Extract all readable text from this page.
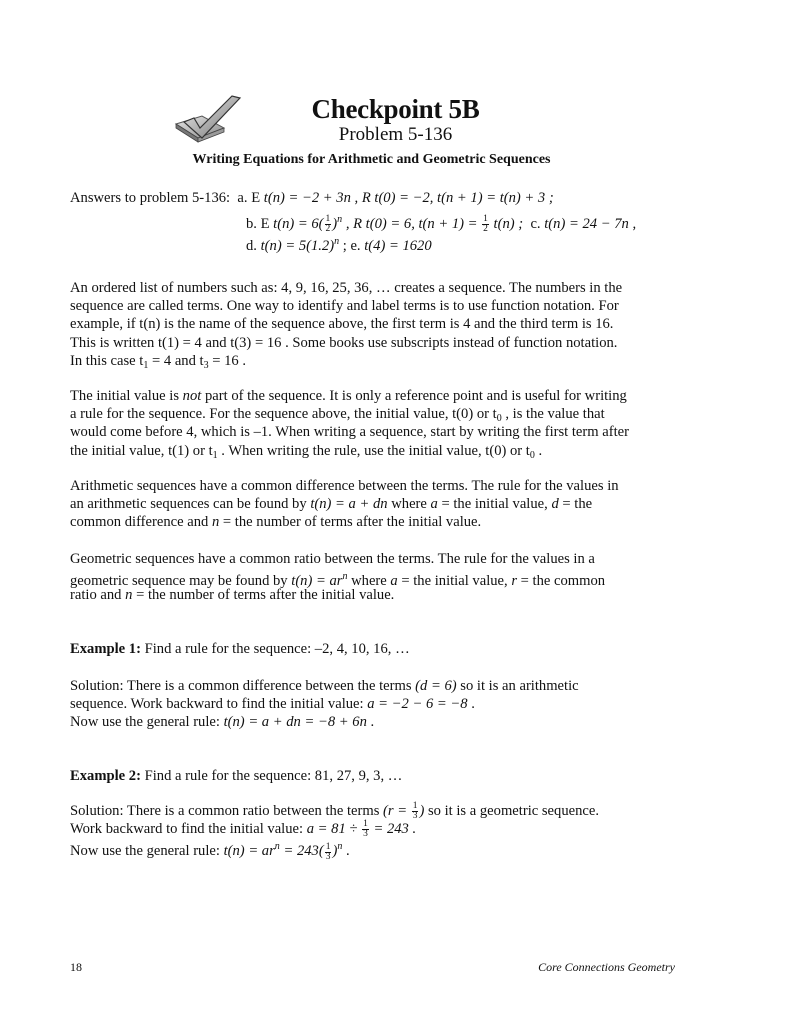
Checkpoint 5B
Problem 5-136
Writing Equations for Arithmetic and Geometric Sequences
Answers to problem 5-136: a. E t(n) = −2 + 3n , R t(0) = −2, t(n + 1) = t(n) + 3 ;
b. E $t(n) = 6( \frac{1}{2} )^n$ , R t(0) = 6, $t(n + 1) = \frac{1}{2} t(n)$ ; c. t(n) = 24 − 7n ,
d. $t(n) = 5(1.2)^n$ ; e. t(4) = 1620
An ordered list of numbers such as: 4, 9, 16, 25, 36, … creates a sequence. The numbers in the
sequence are called terms. One way to identify and label terms is to use function notation. For
example, if t(n) is the name of the sequence above, the first term is 4 and the third term is 16.
This is written t(1) = 4 and t(3) = 16 . Some books use subscripts instead of function notation.
In this case $t_1 = 4$ and $t_3 = 16$ .
The initial value is not part of the sequence. It is only a reference point and is useful for writing
a rule for the sequence. For the sequence above, the initial value, t(0) or $t_0$ , is the value that
would come before 4, which is –1. When writing a sequence, start by writing the first term after
the initial value, t(1) or $t_1$ . When writing the rule, use the initial value, t(0) or $t_0$ .
Arithmetic sequences have a common difference between the terms. The rule for the values in
an arithmetic sequences can be found by t(n) = a + dn where a = the initial value, d = the
common difference and n = the number of terms after the initial value.
Geometric sequences have a common ratio between the terms. The rule for the values in a
geometric sequence may be found by $t(n) = ar^n$ where a = the initial value, r = the common
ratio and n = the number of terms after the initial value.
Example 1: Find a rule for the sequence: –2, 4, 10, 16, …
Solution: There is a common difference between the terms (d = 6) so it is an arithmetic
sequence. Work backward to find the initial value: a = −2 − 6 = −8 .
Now use the general rule: t(n) = a + dn = −8 + 6n .
Example 2: Find a rule for the sequence: 81, 27, 9, 3, …
Solution: There is a common ratio between the terms ($r = \frac{1}{3}$ ) so it is a geometric sequence.
Work backward to find the initial value: $a = 81 \div \frac{1}{3} = 243$ .
Now use the general rule: $t(n) = ar^n = 243( \frac{1}{3} )^n$ .
18	Core Connections Geometry
